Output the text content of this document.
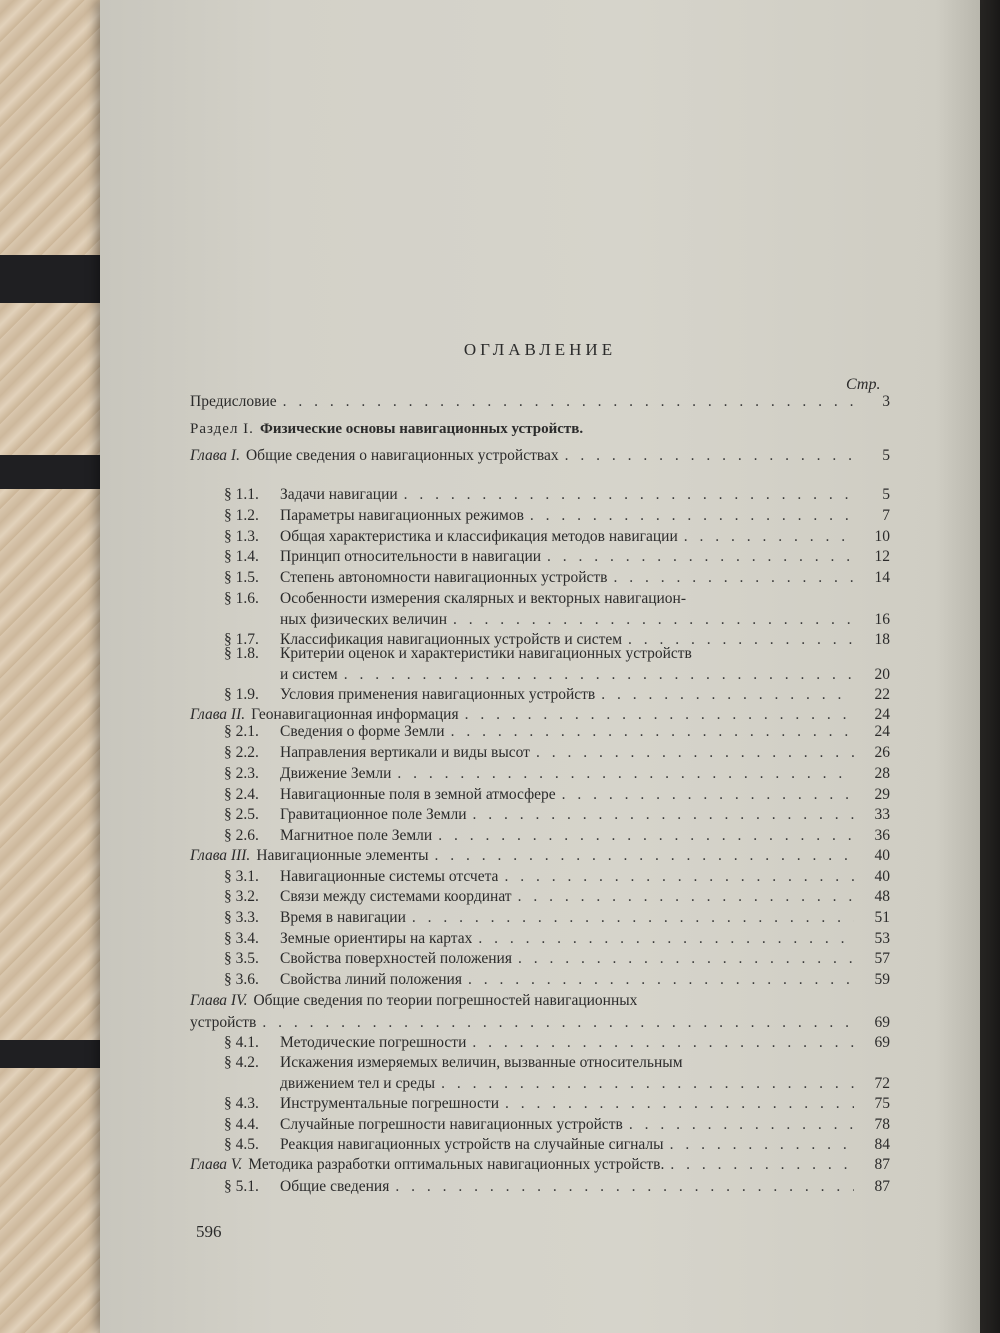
ОГЛАВЛЕНИЕ
Стр.
Предисловие . . .	3
Раздел I. Физические основы навигационных устройств.
Глава I. Общие сведения о навигационных устройствах . . .	5
§ 1.1.	Задачи навигации . . .	5
§ 1.2.	Параметры навигационных режимов . . .	7
§ 1.3.	Общая характеристика и классификация методов навигации . . .	10
§ 1.4.	Принцип относительности в навигации . . .	12
§ 1.5.	Степень автономности навигационных устройств . . .	14
§ 1.6.	Особенности измерения скалярных и векторных навигацион-
ных физических величин . . .	16
§ 1.7.	Классификация навигационных устройств и систем . . .	18
§ 1.8.	Критерии оценок и характеристики навигационных устройств
и систем . . .	20
§ 1.9.	Условия применения навигационных устройств . . .	22
Глава II. Геонавигационная информация . . .	24
§ 2.1.	Сведения о форме Земли . . .	24
§ 2.2.	Направления вертикали и виды высот . . .	26
§ 2.3.	Движение Земли . . .	28
§ 2.4.	Навигационные поля в земной атмосфере . . .	29
§ 2.5.	Гравитационное поле Земли . . .	33
§ 2.6.	Магнитное поле Земли . . .	36
Глава III. Навигационные элементы . . .	40
§ 3.1.	Навигационные системы отсчета . . .	40
§ 3.2.	Связи между системами координат . . .	48
§ 3.3.	Время в навигации . . .	51
§ 3.4.	Земные ориентиры на картах . . .	53
§ 3.5.	Свойства поверхностей положения . . .	57
§ 3.6.	Свойства линий положения . . .	59
Глава IV. Общие сведения по теории погрешностей навигационных
устройств . . .	69
§ 4.1.	Методические погрешности . . .	69
§ 4.2.	Искажения измеряемых величин, вызванные относительным
движением тел и среды . . .	72
§ 4.3.	Инструментальные погрешности . . .	75
§ 4.4.	Случайные погрешности навигационных устройств . . .	78
§ 4.5.	Реакция навигационных устройств на случайные сигналы . . .	84
Глава V. Методика разработки оптимальных навигационных устройств. . . .	87
§ 5.1.	Общие сведения . . .	87
596
